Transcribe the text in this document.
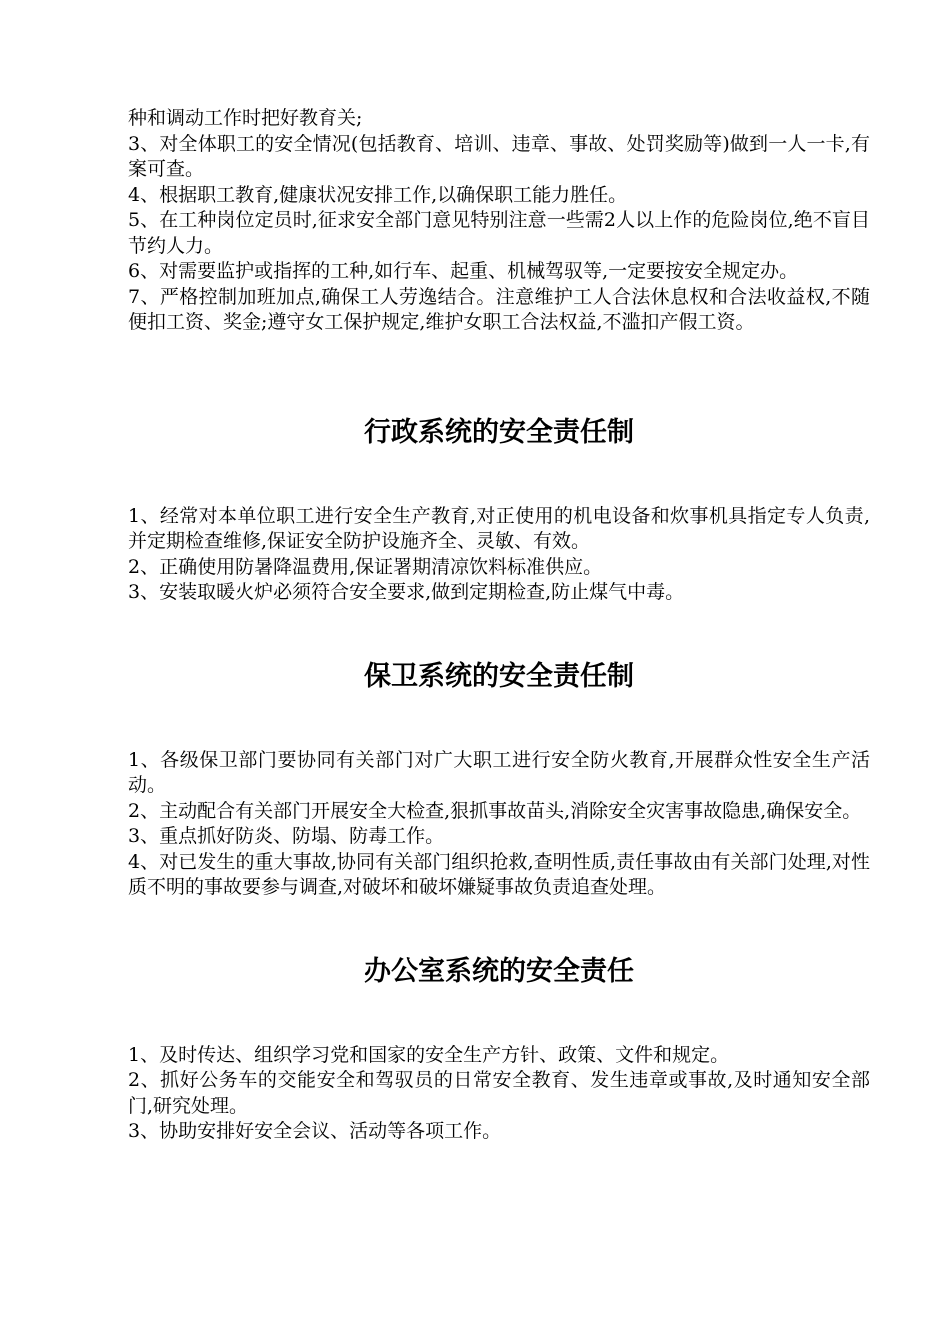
种和调动工作时把好教育关;

3、对全体职工的安全情况(包括教育、培训、违章、事故、处罚奖励等)做到一人一卡,有案可查。

4、根据职工教育,健康状况安排工作,以确保职工能力胜任。

5、在工种岗位定员时,征求安全部门意见特别注意一些需2人以上作的危险岗位,绝不盲目节约人力。

6、对需要监护或指挥的工种,如行车、起重、机械驾驭等,一定要按安全规定办。

7、严格控制加班加点,确保工人劳逸结合。注意维护工人合法休息权和合法收益权,不随便扣工资、奖金;遵守女工保护规定,维护女职工合法权益,不滥扣产假工资。

行政系统的安全责任制

1、经常对本单位职工进行安全生产教育,对正使用的机电设备和炊事机具指定专人负责,并定期检查维修,保证安全防护设施齐全、灵敏、有效。

2、正确使用防暑降温费用,保证署期清凉饮料标准供应。

3、安装取暖火炉必须符合安全要求,做到定期检查,防止煤气中毒。

保卫系统的安全责任制

1、各级保卫部门要协同有关部门对广大职工进行安全防火教育,开展群众性安全生产活动。

2、主动配合有关部门开展安全大检查,狠抓事故苗头,消除安全灾害事故隐患,确保安全。

3、重点抓好防炎、防塌、防毒工作。

4、对已发生的重大事故,协同有关部门组织抢救,查明性质,责任事故由有关部门处理,对性质不明的事故要参与调查,对破坏和破坏嫌疑事故负责追查处理。

办公室系统的安全责任

1、及时传达、组织学习党和国家的安全生产方针、政策、文件和规定。

2、抓好公务车的交能安全和驾驭员的日常安全教育、发生违章或事故,及时通知安全部门,研究处理。

3、协助安排好安全会议、活动等各项工作。
